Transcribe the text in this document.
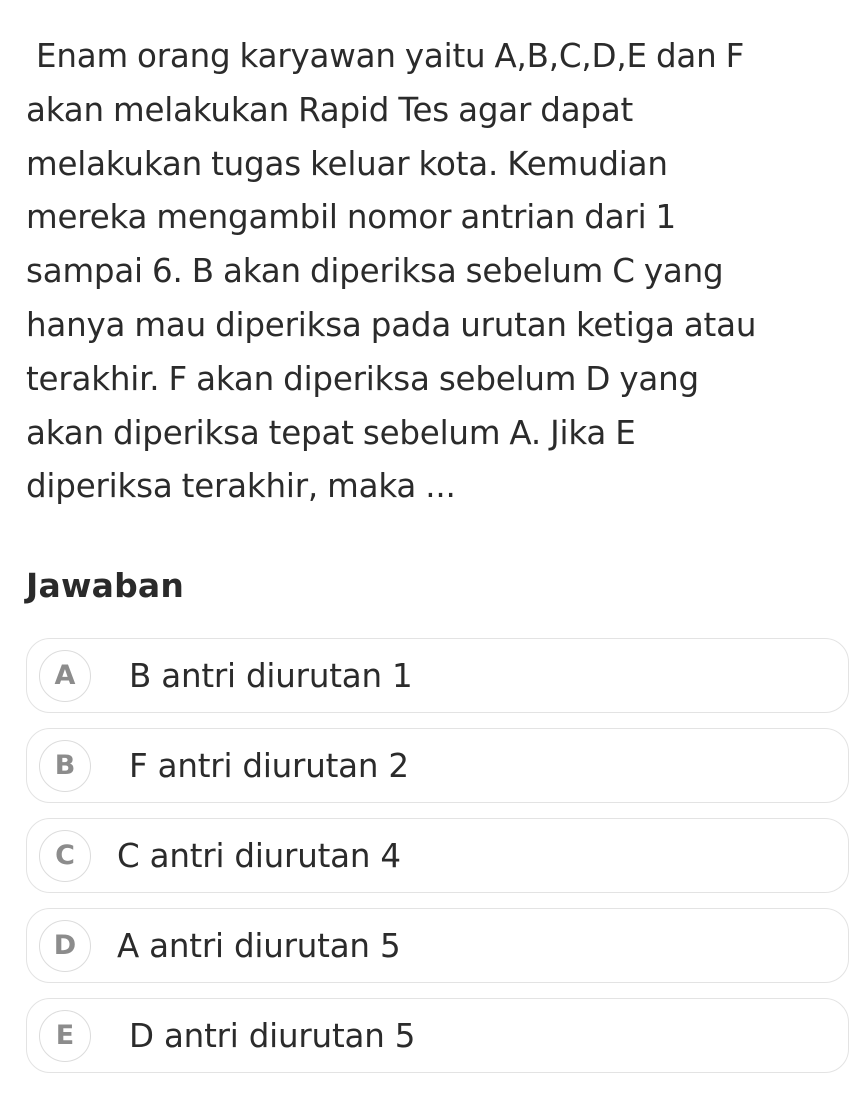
Enam orang karyawan yaitu A,B,C,D,E dan F
akan melakukan Rapid Tes agar dapat
melakukan tugas keluar kota. Kemudian
mereka mengambil nomor antrian dari 1
sampai 6. B akan diperiksa sebelum C yang
hanya mau diperiksa pada urutan ketiga atau
terakhir. F akan diperiksa sebelum D yang
akan diperiksa tepat sebelum A. Jika E
diperiksa terakhir, maka ...
Jawaban
A	B antri diurutan 1
B	F antri diurutan 2
C	C antri diurutan 4
D	A antri diurutan 5
E	D antri diurutan 5
